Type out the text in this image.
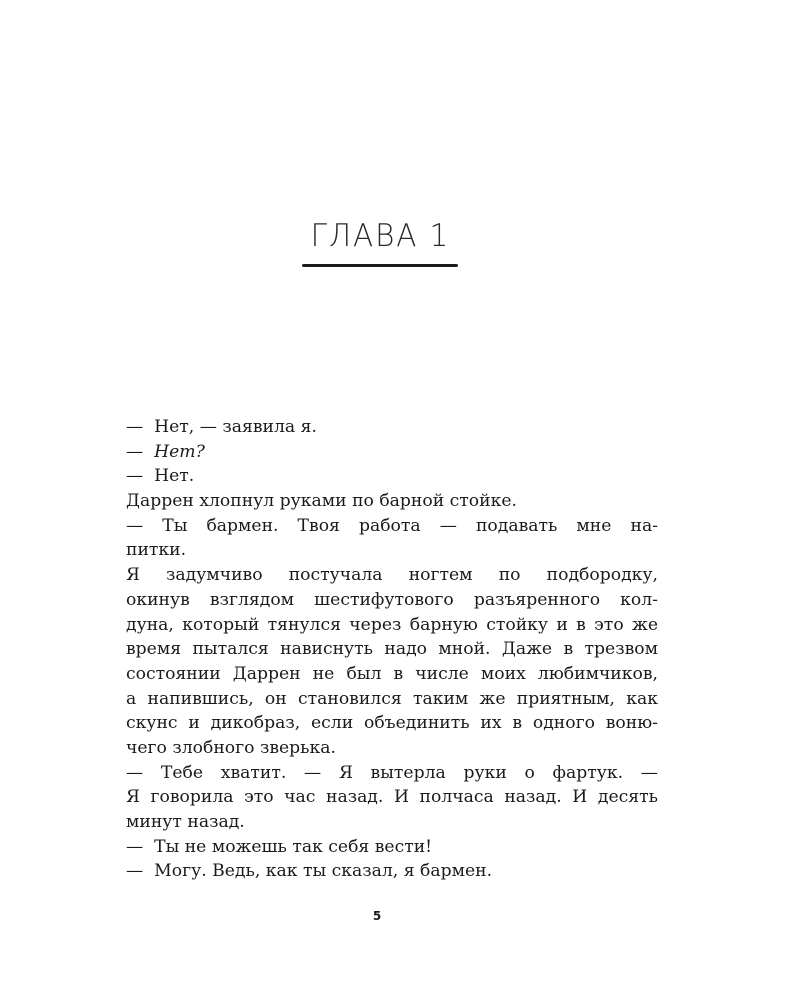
ГЛАВА 1
— Нет, — заявила я.
— Нет?
— Нет.
Даррен хлопнул руками по барной стойке.
— Ты бармен. Твоя работа — подавать мне на-
питки.
Я задумчиво постучала ногтем по подбородку,
окинув взглядом шестифутового разъяренного кол-
дуна, который тянулся через барную стойку и в это же
время пытался нависнуть надо мной. Даже в трезвом
состоянии Даррен не был в числе моих любимчиков,
а напившись, он становился таким же приятным, как
скунс и дикобраз, если объединить их в одного воню-
чего злобного зверька.
— Тебе хватит. — Я вытерла руки о фартук. —
Я говорила это час назад. И полчаса назад. И десять
минут назад.
— Ты не можешь так себя вести!
— Могу. Ведь, как ты сказал, я бармен.
5
